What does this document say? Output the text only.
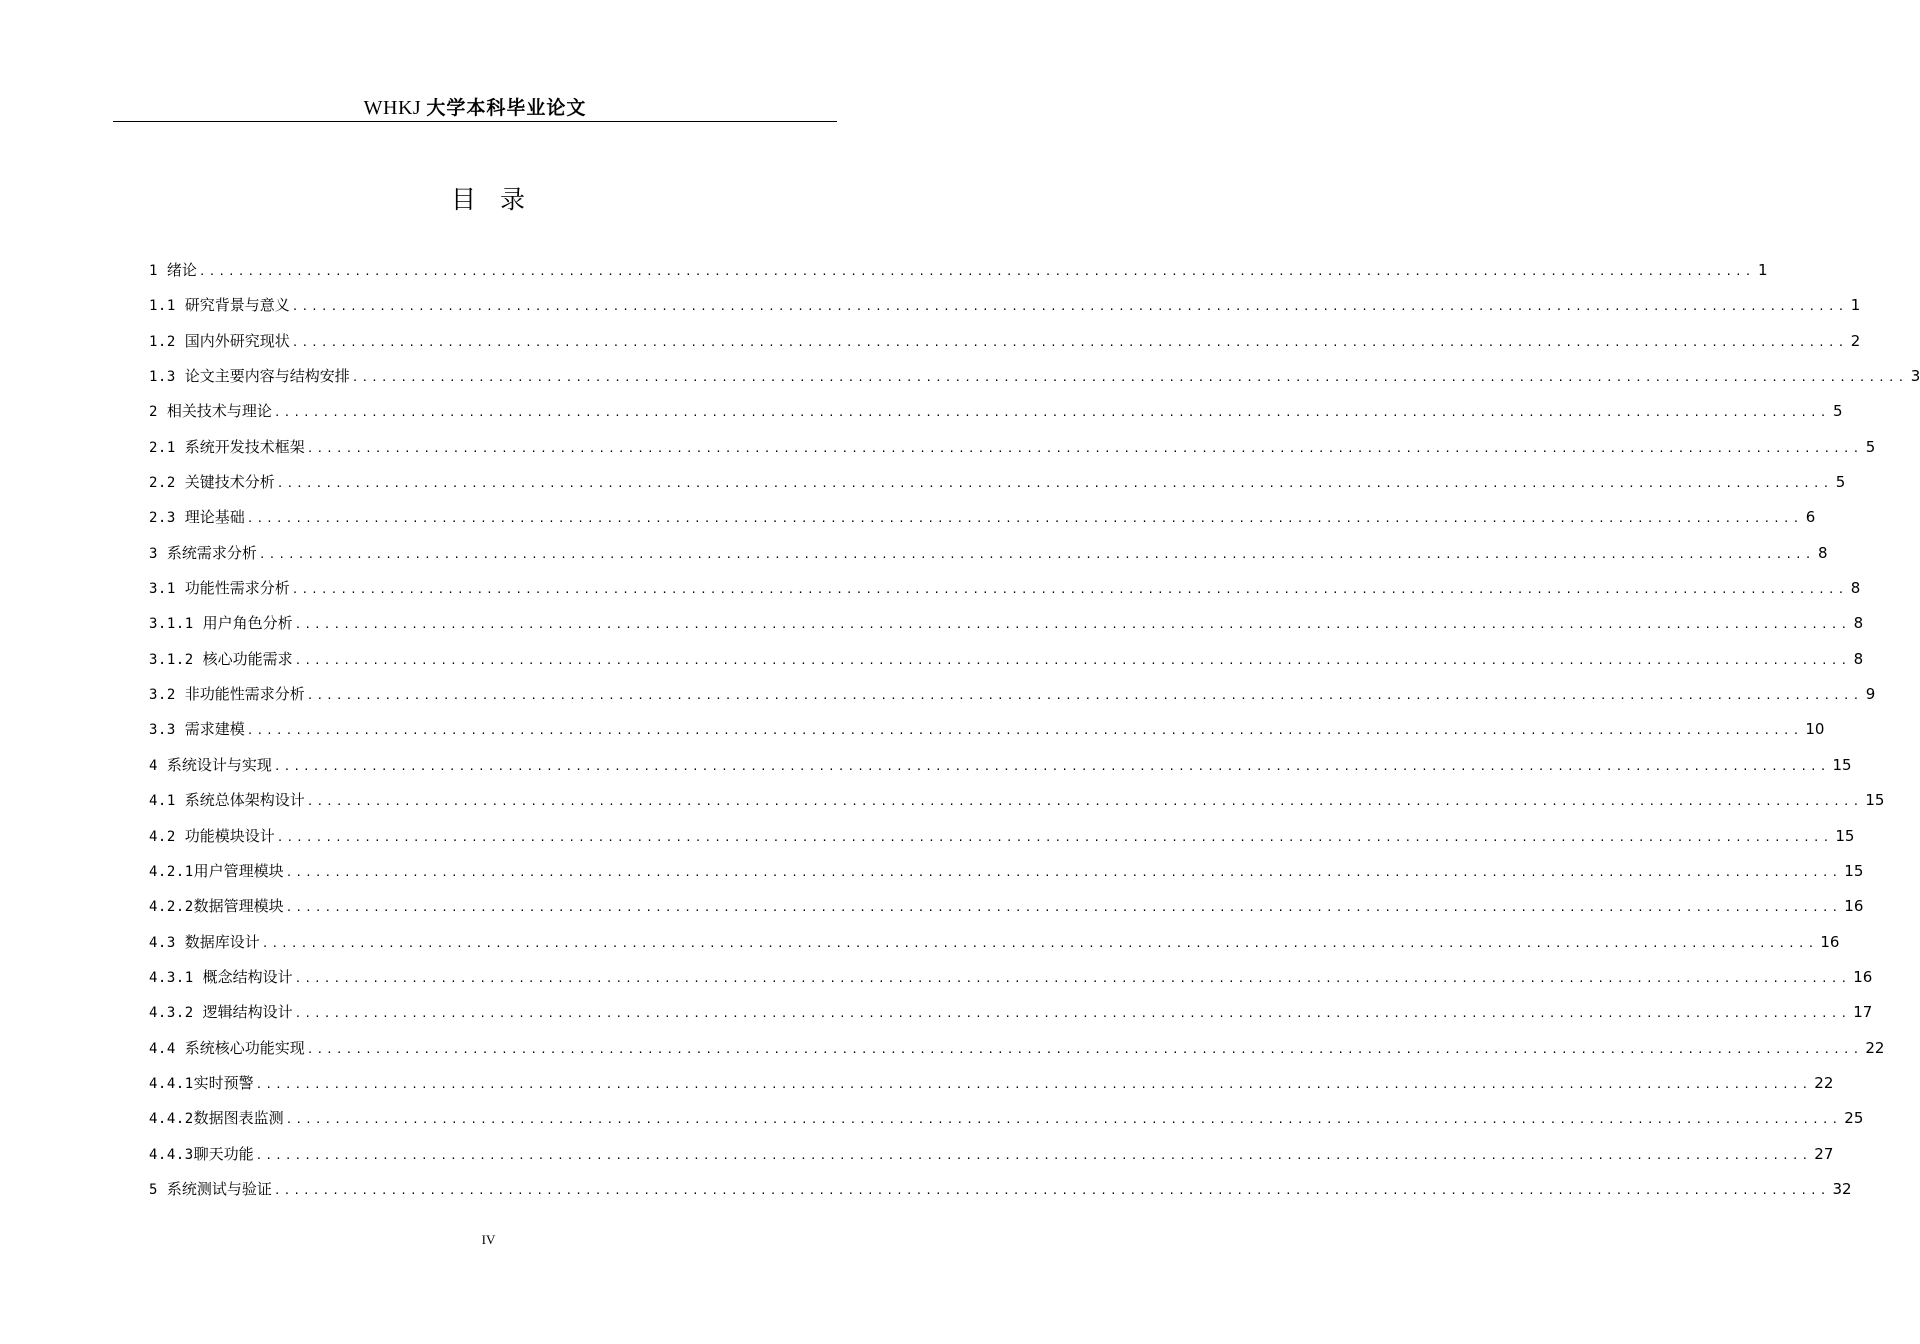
WHKJ 大学本科毕业论文
目录
1 绪论 ................................................................................................................................................................ 1
1.1 研究背景与意义 ................................................................................................................................................................ 1
1.2 国内外研究现状 ................................................................................................................................................................ 2
1.3 论文主要内容与结构安排 ................................................................................................................................................................ 3
2 相关技术与理论 ................................................................................................................................................................ 5
2.1 系统开发技术框架 ................................................................................................................................................................ 5
2.2 关键技术分析 ................................................................................................................................................................ 5
2.3 理论基础 ................................................................................................................................................................ 6
3 系统需求分析 ................................................................................................................................................................ 8
3.1 功能性需求分析 ................................................................................................................................................................ 8
3.1.1 用户角色分析 ................................................................................................................................................................ 8
3.1.2 核心功能需求 ................................................................................................................................................................ 8
3.2 非功能性需求分析 ................................................................................................................................................................ 9
3.3 需求建模 ................................................................................................................................................................ 10
4 系统设计与实现 ................................................................................................................................................................ 15
4.1 系统总体架构设计 ................................................................................................................................................................ 15
4.2 功能模块设计 ................................................................................................................................................................ 15
4.2.1 用户管理模块 ................................................................................................................................................................ 15
4.2.2 数据管理模块 ................................................................................................................................................................ 16
4.3 数据库设计 ................................................................................................................................................................ 16
4.3.1 概念结构设计 ................................................................................................................................................................ 16
4.3.2 逻辑结构设计 ................................................................................................................................................................ 17
4.4 系统核心功能实现 ................................................................................................................................................................ 22
4.4.1 实时预警 ................................................................................................................................................................ 22
4.4.2 数据图表监测 ................................................................................................................................................................ 25
4.4.3 聊天功能 ................................................................................................................................................................ 27
5 系统测试与验证 ................................................................................................................................................................ 32
IV
